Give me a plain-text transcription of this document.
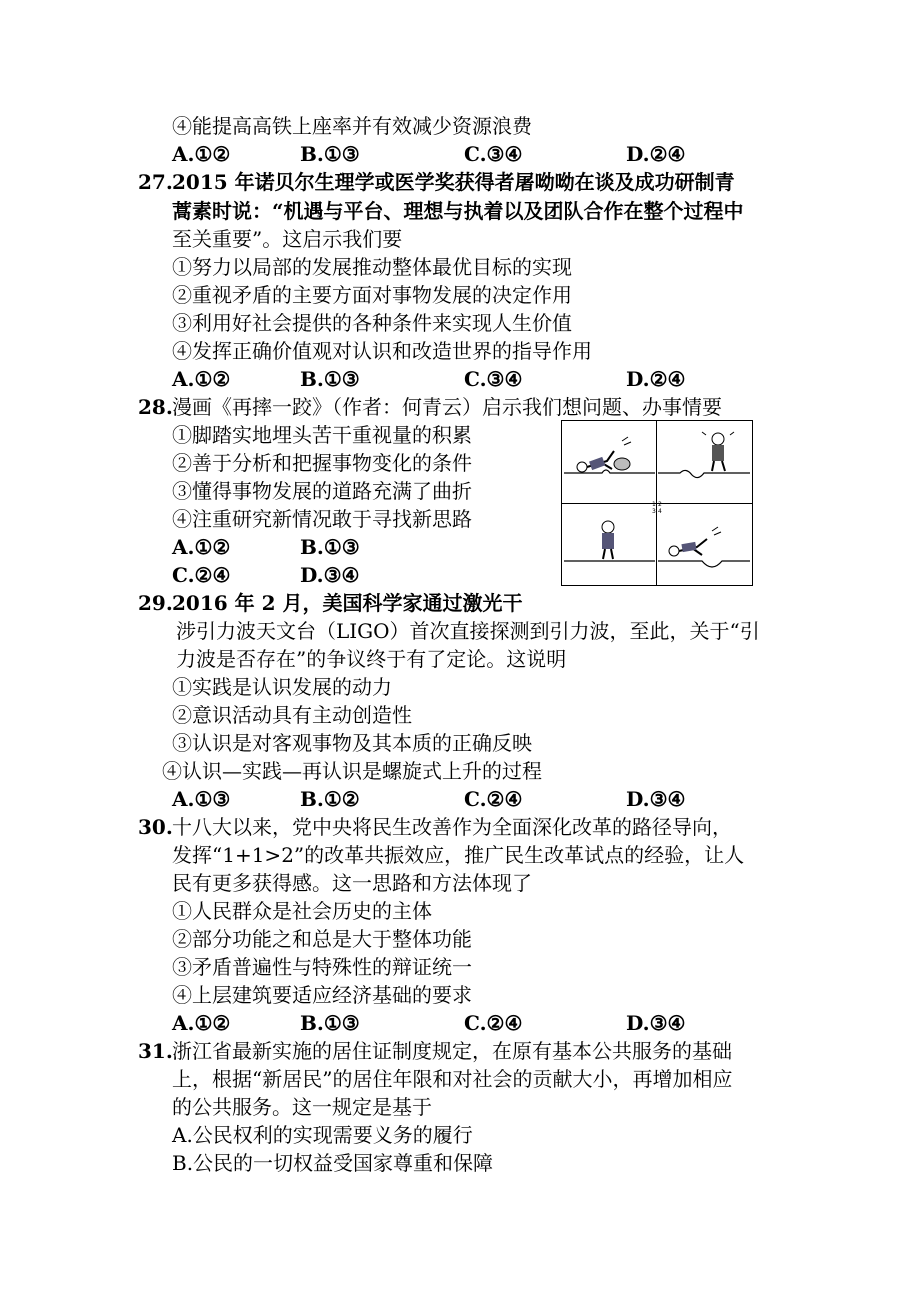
④能提高高铁上座率并有效减少资源浪费
A.①②	B.①③	C.③④	D.②④
27. 2015 年诺贝尔生理学或医学奖获得者屠呦呦在谈及成功研制青
蒿素时说：“机遇与平台、理想与执着以及团队合作在整个过程中
至关重要”。这启示我们要
①努力以局部的发展推动整体最优目标的实现
②重视矛盾的主要方面对事物发展的决定作用
③利用好社会提供的各种条件来实现人生价值
④发挥正确价值观对认识和改造世界的指导作用
A.①②	B.①③	C.③④	D.②④
28. 漫画《再摔一跤》（作者：何青云）启示我们想问题、办事情要
①脚踏实地埋头苦干重视量的积累
②善于分析和把握事物变化的条件
③懂得事物发展的道路充满了曲折
④注重研究新情况敢于寻找新思路
A.①②	B.①③
C.②④	D.③④
1 2
3 4
29. 2016 年 2 月，美国科学家通过激光干
涉引力波天文台（LIGO）首次直接探测到引力波，至此，关于“引
力波是否存在”的争议终于有了定论。这说明
①实践是认识发展的动力
②意识活动具有主动创造性
③认识是对客观事物及其本质的正确反映
④认识—实践—再认识是螺旋式上升的过程
A.①③	B.①②	C.②④	D.③④
30. 十八大以来，党中央将民生改善作为全面深化改革的路径导向，
发挥“1+1>2”的改革共振效应，推广民生改革试点的经验，让人
民有更多获得感。这一思路和方法体现了
①人民群众是社会历史的主体
②部分功能之和总是大于整体功能
③矛盾普遍性与特殊性的辩证统一
④上层建筑要适应经济基础的要求
A.①②	B.①③	C.②④	D.③④
31. 浙江省最新实施的居住证制度规定，在原有基本公共服务的基础
上，根据“新居民”的居住年限和对社会的贡献大小，再增加相应
的公共服务。这一规定是基于
A.公民权利的实现需要义务的履行
B.公民的一切权益受国家尊重和保障
